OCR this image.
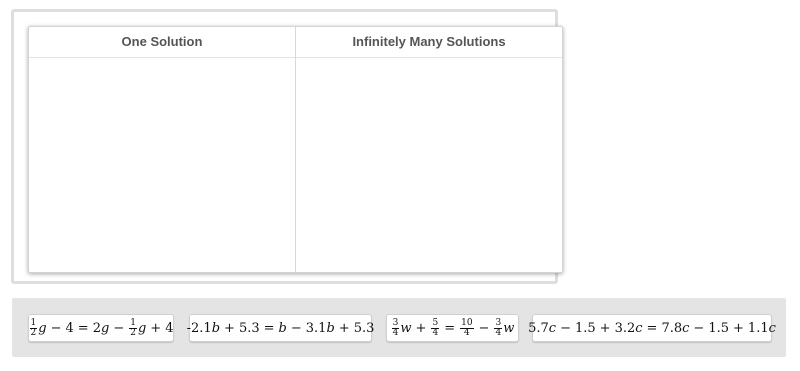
One Solution	Infinitely Many Solutions
$\frac{1}{2}$ g − 4 = 2 $g - \frac{1}{2}$ g + 4 -2.1 b + 5.3 = b − 3.1 $b + 5.3 \frac{3}{4}$ $w + \frac{5}{4} = \frac{10}{4} - \frac{3}{4}$ w 5.7 c − 1.5 + 3.2 c = 7.8 c − 1.5 + 1.1 c
